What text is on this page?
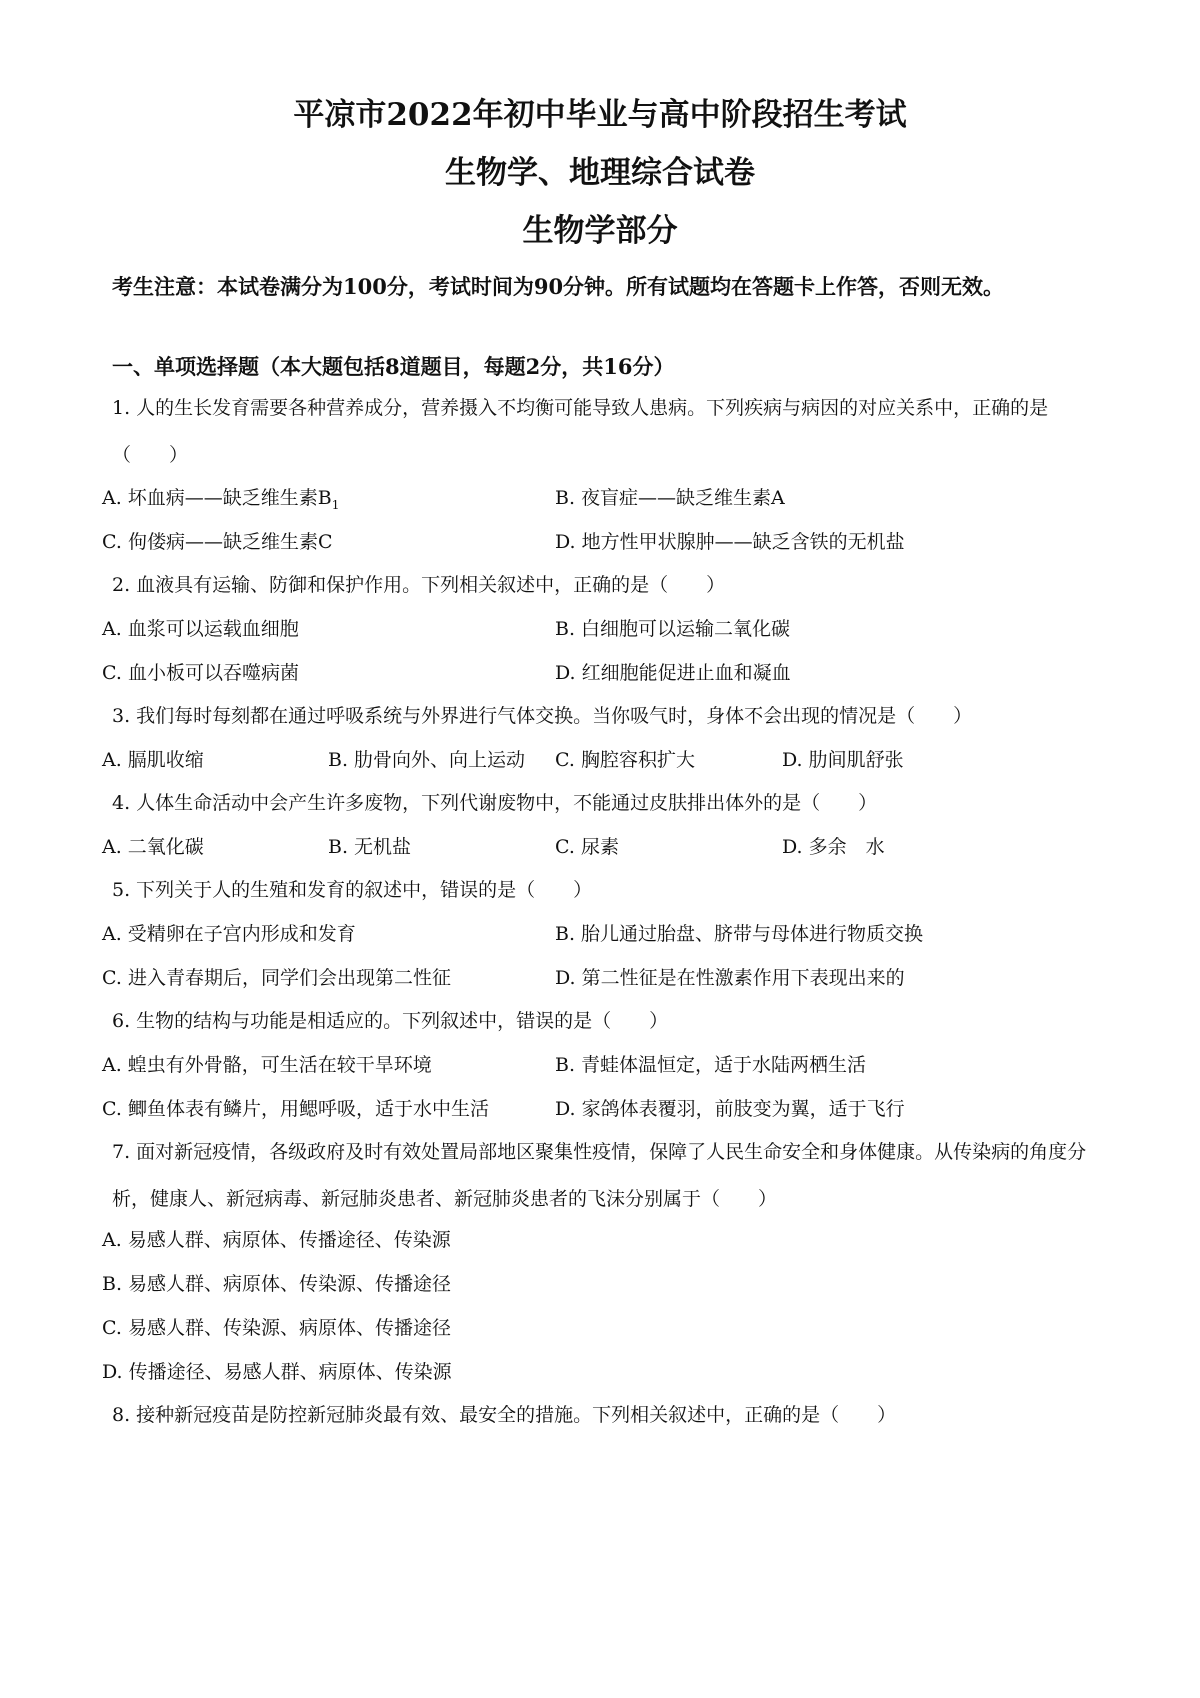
平凉市2022年初中毕业与高中阶段招生考试
生物学、地理综合试卷
生物学部分
考生注意：本试卷满分为100分，考试时间为90分钟。所有试题均在答题卡上作答，否则无效。
一、单项选择题（本大题包括8道题目，每题2分，共16分）
1. 人的生长发育需要各种营养成分，营养摄入不均衡可能导致人患病。下列疾病与病因的对应关系中，正确的是（　　）
A. 坏血病——缺乏维生素$B_1$	B. 夜盲症——缺乏维生素A
C. 佝偻病——缺乏维生素C	D. 地方性甲状腺肿——缺乏含铁的无机盐
2. 血液具有运输、防御和保护作用。下列相关叙述中，正确的是（　　）
A. 血浆可以运载血细胞	B. 白细胞可以运输二氧化碳
C. 血小板可以吞噬病菌	D. 红细胞能促进止血和凝血
3. 我们每时每刻都在通过呼吸系统与外界进行气体交换。当你吸气时，身体不会出现的情况是（　　）
A. 膈肌收缩	B. 肋骨向外、向上运动 C. 胸腔容积扩大	D. 肋间肌舒张
4. 人体生命活动中会产生许多废物，下列代谢废物中，不能通过皮肤排出体外的是（　　）
A. 二氧化碳	B. 无机盐	C. 尿素	D. 多余　水
5. 下列关于人的生殖和发育的叙述中，错误的是（　　）
A. 受精卵在子宫内形成和发育	B. 胎儿通过胎盘、脐带与母体进行物质交换
C. 进入青春期后，同学们会出现第二性征	D. 第二性征是在性激素作用下表现出来的
6. 生物的结构与功能是相适应的。下列叙述中，错误的是（　　）
A. 蝗虫有外骨骼，可生活在较干旱环境	B. 青蛙体温恒定，适于水陆两栖生活
C. 鲫鱼体表有鳞片，用鳃呼吸，适于水中生活	D. 家鸽体表覆羽，前肢变为翼，适于飞行
7. 面对新冠疫情，各级政府及时有效处置局部地区聚集性疫情，保障了人民生命安全和身体健康。从传染病的角度分析，健康人、新冠病毒、新冠肺炎患者、新冠肺炎患者的飞沫分别属于（　　）
A. 易感人群、病原体、传播途径、传染源
B. 易感人群、病原体、传染源、传播途径
C. 易感人群、传染源、病原体、传播途径
D. 传播途径、易感人群、病原体、传染源
8. 接种新冠疫苗是防控新冠肺炎最有效、最安全的措施。下列相关叙述中，正确的是（　　）
